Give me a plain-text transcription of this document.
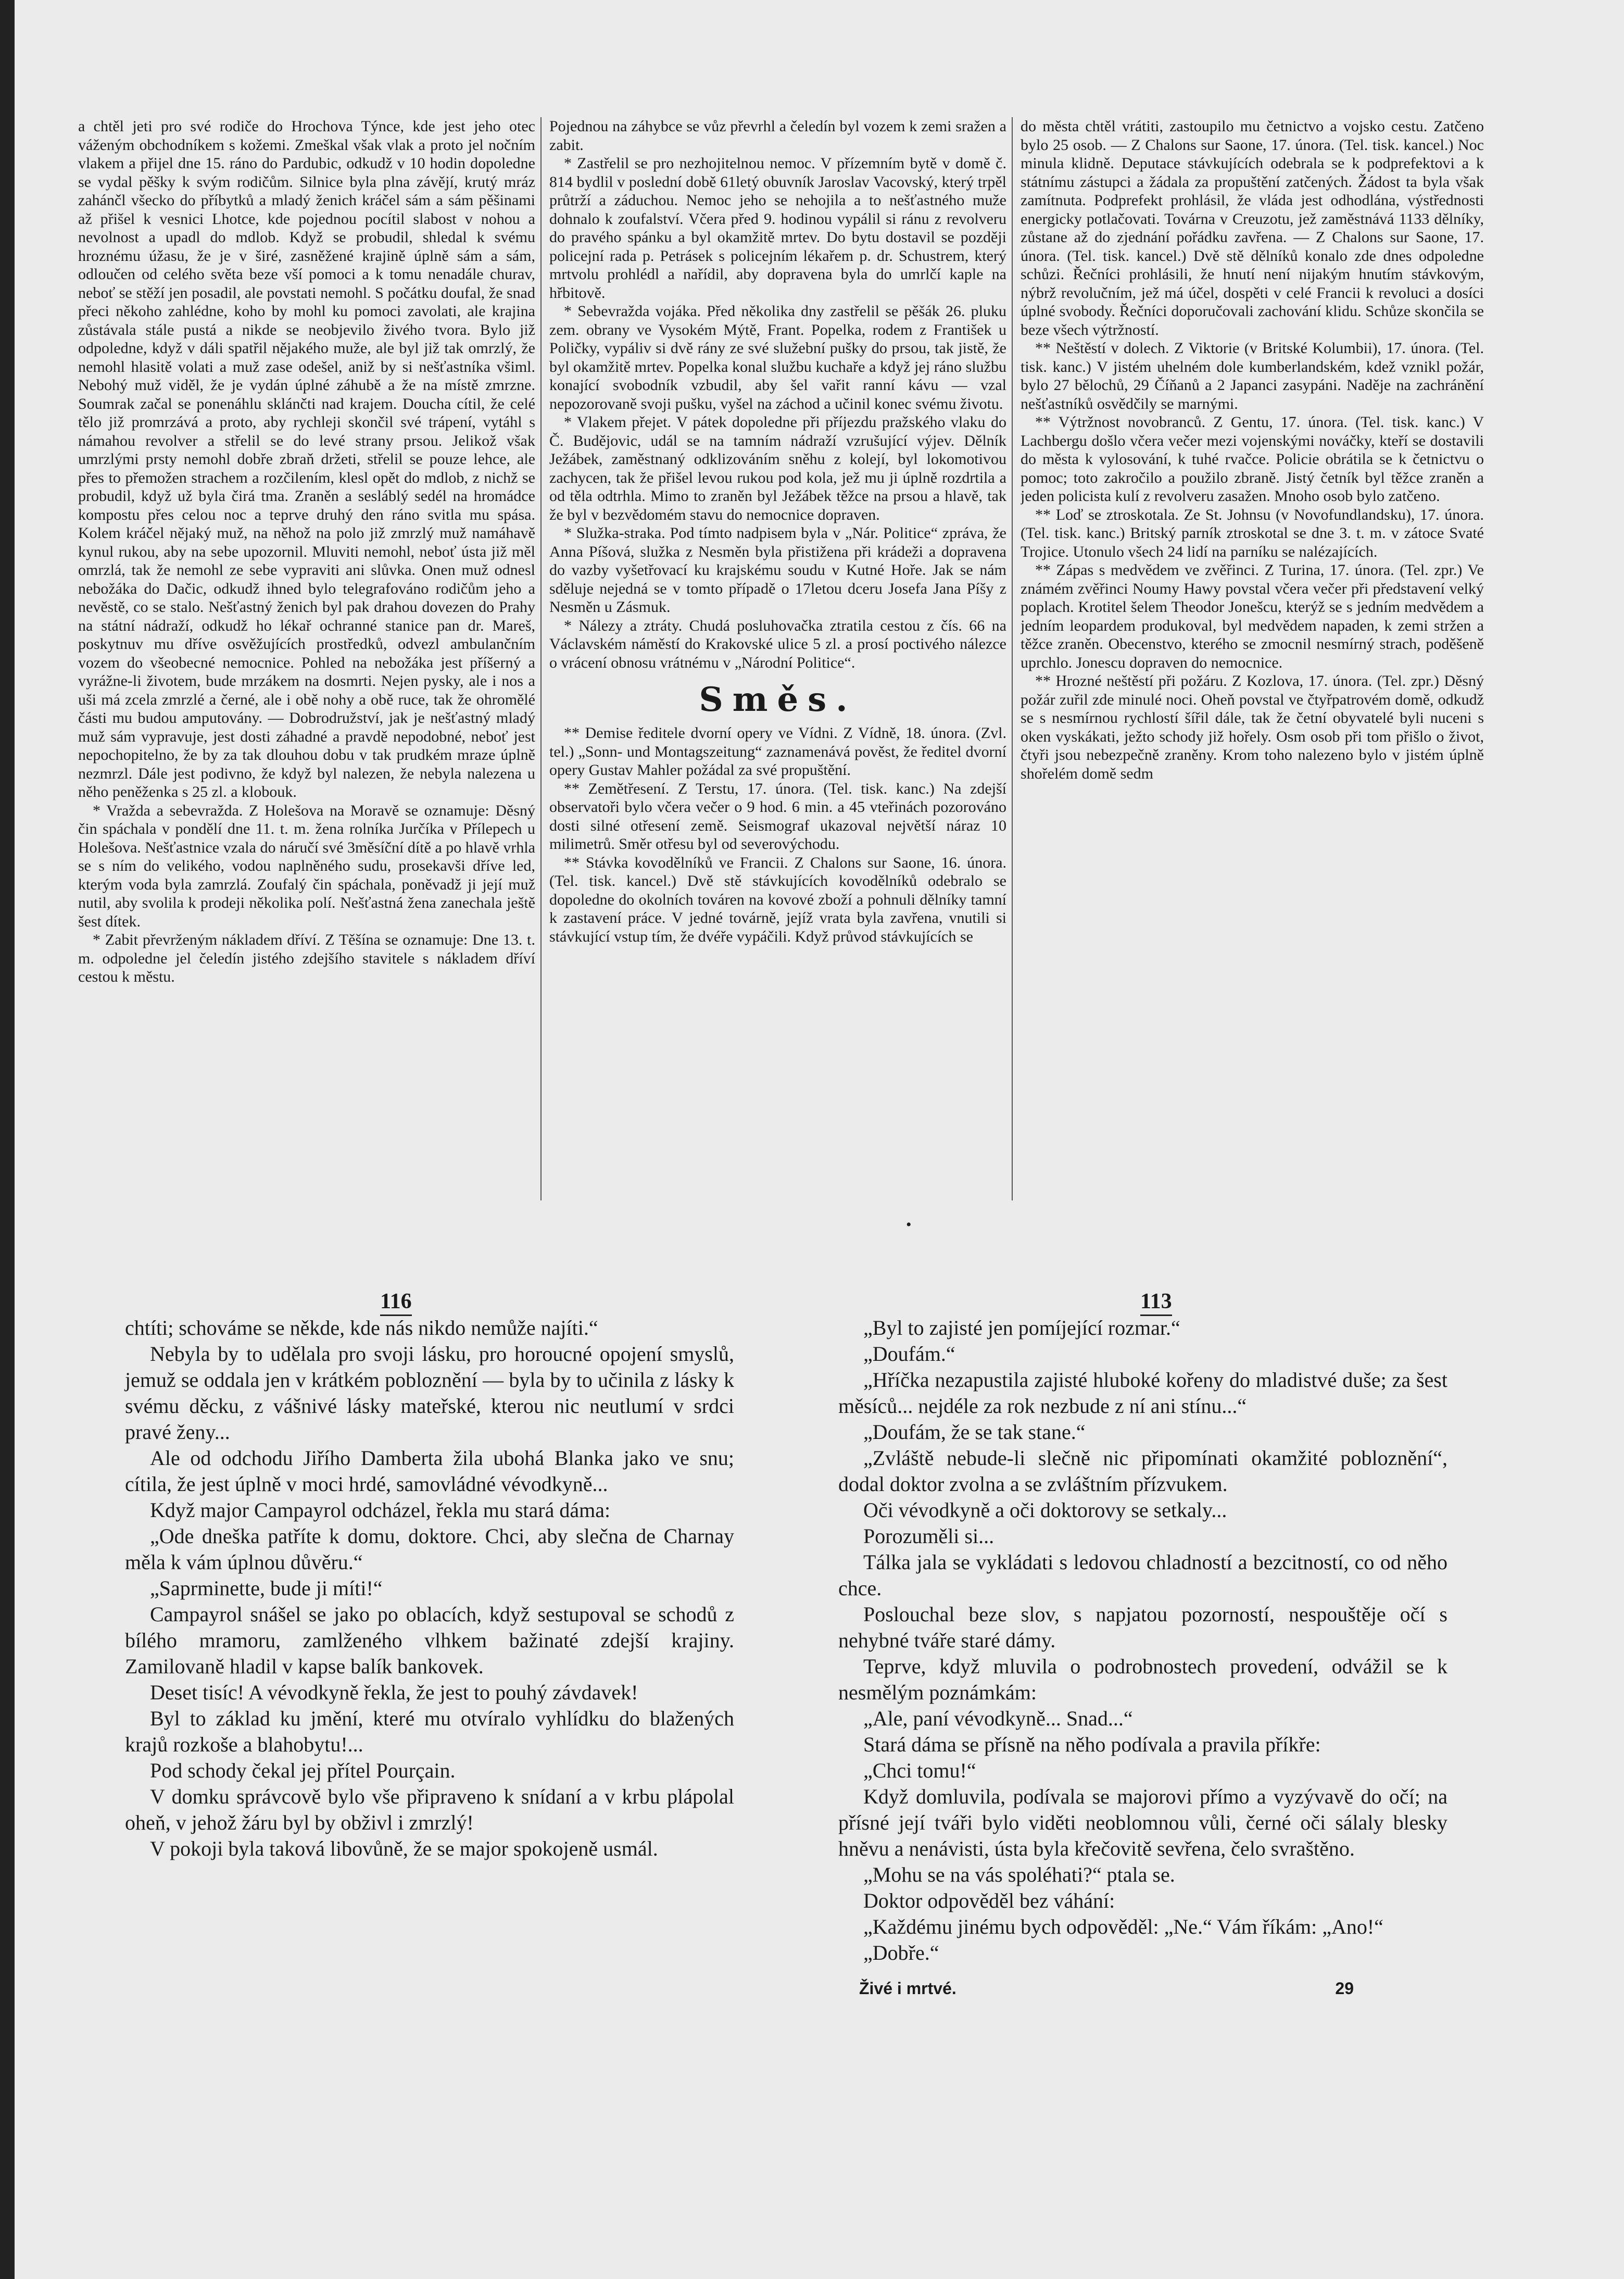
a chtěl jeti pro své rodiče do Hrochova Týnce, kde jest jeho otec váženým obchodníkem s kožemi. Zmeškal však vlak a proto jel nočním vlakem a přijel dne 15. ráno do Pardubic, odkudž v 10 hodin dopoledne se vydal pěšky k svým rodičům. Silnice byla plna závějí, krutý mráz zahánčl všecko do příbytků a mladý ženich kráčel sám a sám pěšinami až přišel k vesnici Lhotce, kde pojednou pocítil slabost v nohou a nevolnost a upadl do mdlob. Když se probudil, shledal k svému hroznému úžasu, že je v širé, zasněžené krajině úplně sám a sám, odloučen od celého světa beze vší pomoci a k tomu nenadále churav, neboť se stěží jen posadil, ale povstati nemohl. S počátku doufal, že snad přeci někoho zahlédne, koho by mohl ku pomoci zavolati, ale krajina zůstávala stále pustá a nikde se neobjevilo živého tvora. Bylo již odpoledne, když v dáli spatřil nějakého muže, ale byl již tak omrzlý, že nemohl hlasitě volati a muž zase odešel, aniž by si nešťastníka všiml. Nebohý muž viděl, že je vydán úplné záhubě a že na místě zmrzne. Soumrak začal se ponenáhlu sklánčti nad krajem. Doucha cítil, že celé tělo již promrzává a proto, aby rychleji skončil své trápení, vytáhl s námahou revolver a střelil se do levé strany prsou. Jelikož však umrzlými prsty nemohl dobře zbraň držeti, střelil se pouze lehce, ale přes to přemožen strachem a rozčilením, klesl opět do mdlob, z nichž se probudil, když už byla čirá tma. Zraněn a sesláblý sedél na hromádce kompostu přes celou noc a teprve druhý den ráno svitla mu spása. Kolem kráčel nějaký muž, na něhož na polo již zmrzlý muž namáhavě kynul rukou, aby na sebe upozornil. Mluviti nemohl, neboť ústa již měl omrzlá, tak že nemohl ze sebe vypraviti ani slůvka. Onen muž odnesl nebožáka do Dačic, odkudž ihned bylo telegrafováno rodičům jeho a nevěstě, co se stalo. Nešťastný ženich byl pak drahou dovezen do Prahy na státní nádraží, odkudž ho lékař ochranné stanice pan dr. Mareš, poskytnuv mu dříve osvěžujících prostředků, odvezl ambulančním vozem do všeobecné nemocnice. Pohled na nebožáka jest příšerný a vyrážne-li životem, bude mrzákem na dosmrti. Nejen pysky, ale i nos a uši má zcela zmrzlé a černé, ale i obě nohy a obě ruce, tak že ohromělé části mu budou amputovány. — Dobrodružství, jak je nešťastný mladý muž sám vypravuje, jest dosti záhadné a pravdě nepodobné, neboť jest nepochopitelno, že by za tak dlouhou dobu v tak prudkém mraze úplně nezmrzl. Dále jest podivno, že když byl nalezen, že nebyla nalezena u něho peněženka s 25 zl. a klobouk.

* Vražda a sebevražda. Z Holešova na Moravě se oznamuje: Děsný čin spáchala v pondělí dne 11. t. m. žena rolníka Jurčíka v Přílepech u Holešova. Nešťastnice vzala do náručí své 3měsíční dítě a po hlavě vrhla se s ním do velikého, vodou naplněného sudu, prosekavši dříve led, kterým voda byla zamrzlá. Zoufalý čin spáchala, poněvadž ji její muž nutil, aby svolila k prodeji několika polí. Nešťastná žena zanechala ještě šest dítek.

* Zabit převrženým nákladem dříví. Z Těšína se oznamuje: Dne 13. t. m. odpoledne jel čeledín jistého zdejšího stavitele s nákladem dříví cestou k městu.

Pojednou na záhybce se vůz převrhl a čeledín byl vozem k zemi sražen a zabit.

* Zastřelil se pro nezhojitelnou nemoc. V přízemním bytě v domě č. 814 bydlil v poslední době 61letý obuvník Jaroslav Vacovský, který trpěl průtrží a záduchou. Nemoc jeho se nehojila a to nešťastného muže dohnalo k zoufalství. Včera před 9. hodinou vypálil si ránu z revolveru do pravého spánku a byl okamžitě mrtev. Do bytu dostavil se později policejní rada p. Petrásek s policejním lékařem p. dr. Schustrem, který mrtvolu prohlédl a nařídil, aby dopravena byla do umrlčí kaple na hřbitově.

* Sebevražda vojáka. Před několika dny zastřelil se pěšák 26. pluku zem. obrany ve Vysokém Mýtě, Frant. Popelka, rodem z František u Poličky, vypáliv si dvě rány ze své služební pušky do prsou, tak jistě, že byl okamžitě mrtev. Popelka konal službu kuchaře a když jej ráno službu konající svobodník vzbudil, aby šel vařit ranní kávu — vzal nepozorovaně svoji pušku, vyšel na záchod a učinil konec svému životu.

* Vlakem přejet. V pátek dopoledne při příjezdu pražského vlaku do Č. Budějovic, udál se na tamním nádraží vzrušující výjev. Dělník Ježábek, zaměstnaný odklizováním sněhu z kolejí, byl lokomotivou zachycen, tak že přišel levou rukou pod kola, jež mu ji úplně rozdrtila a od těla odtrhla. Mimo to zraněn byl Ježábek těžce na prsou a hlavě, tak že byl v bezvědomém stavu do nemocnice dopraven.

* Služka-straka. Pod tímto nadpisem byla v „Nár. Politice“ zpráva, že Anna Píšová, služka z Nesměn byla přistižena při krádeži a dopravena do vazby vyšetřovací ku krajskému soudu v Kutné Hoře. Jak se nám sděluje nejedná se v tomto případě o 17letou dceru Josefa Jana Píšy z Nesměn u Zásmuk.

* Nálezy a ztráty. Chudá posluhovačka ztratila cestou z čís. 66 na Václavském náměstí do Krakovské ulice 5 zl. a prosí poctivého nálezce o vrácení obnosu vrátnému v „Národní Politice“.

Směs.

** Demise ředitele dvorní opery ve Vídni. Z Vídně, 18. února. (Zvl. tel.) „Sonn- und Montagszeitung“ zaznamenává pověst, že ředitel dvorní opery Gustav Mahler požádal za své propuštění.

** Zemětřesení. Z Terstu, 17. února. (Tel. tisk. kanc.) Na zdejší observatoři bylo včera večer o 9 hod. 6 min. a 45 vteřinách pozorováno dosti silné otřesení země. Seismograf ukazoval největší náraz 10 milimetrů. Směr otřesu byl od severovýchodu.

** Stávka kovodělníků ve Francii. Z Chalons sur Saone, 16. února. (Tel. tisk. kancel.) Dvě stě stávkujících kovodělníků odebralo se dopoledne do okolních továren na kovové zboží a pohnuli dělníky tamní k zastavení práce. V jedné továrně, jejíž vrata byla zavřena, vnutili si stávkující vstup tím, že dvéře vypáčili. Když průvod stávkujících se

do města chtěl vrátiti, zastoupilo mu četnictvo a vojsko cestu. Zatčeno bylo 25 osob. — Z Chalons sur Saone, 17. února. (Tel. tisk. kancel.) Noc minula klidně. Deputace stávkujících odebrala se k podprefektovi a k státnímu zástupci a žádala za propuštění zatčených. Žádost ta byla však zamítnuta. Podprefekt prohlásil, že vláda jest odhodlána, výstřednosti energicky potlačovati. Továrna v Creuzotu, jež zaměstnává 1133 dělníky, zůstane až do zjednání pořádku zavřena. — Z Chalons sur Saone, 17. února. (Tel. tisk. kancel.) Dvě stě dělníků konalo zde dnes odpoledne schůzi. Řečníci prohlásili, že hnutí není nijakým hnutím stávkovým, nýbrž revolučním, jež má účel, dospěti v celé Francii k revoluci a dosíci úplné svobody. Řečníci doporučovali zachování klidu. Schůze skončila se beze všech výtržností.

** Neštěstí v dolech. Z Viktorie (v Britské Kolumbii), 17. února. (Tel. tisk. kanc.) V jistém uhelném dole kumberlandském, kdež vznikl požár, bylo 27 bělochů, 29 Číňanů a 2 Japanci zasypáni. Naděje na zachránění nešťastníků osvědčily se marnými.

** Výtržnost novobranců. Z Gentu, 17. února. (Tel. tisk. kanc.) V Lachbergu došlo včera večer mezi vojenskými nováčky, kteří se dostavili do města k vylosování, k tuhé rvačce. Policie obrátila se k četnictvu o pomoc; toto zakročilo a použilo zbraně. Jistý četník byl těžce zraněn a jeden policista kulí z revolveru zasažen. Mnoho osob bylo zatčeno.

** Loď se ztroskotala. Ze St. Johnsu (v Novofundlandsku), 17. února. (Tel. tisk. kanc.) Britský parník ztroskotal se dne 3. t. m. v zátoce Svaté Trojice. Utonulo všech 24 lidí na parníku se nalézajících.

** Zápas s medvědem ve zvěřinci. Z Turina, 17. února. (Tel. zpr.) Ve známém zvěřinci Noumy Hawy povstal včera večer při představení velký poplach. Krotitel šelem Theodor Jonešcu, kterýž se s jedním medvědem a jedním leopardem produkoval, byl medvědem napaden, k zemi stržen a těžce zraněn. Obecenstvo, kterého se zmocnil nesmírný strach, poděšeně uprchlo. Jonescu dopraven do nemocnice.

** Hrozné neštěstí při požáru. Z Kozlova, 17. února. (Tel. zpr.) Děsný požár zuřil zde minulé noci. Oheň povstal ve čtyřpatrovém domě, odkudž se s nesmírnou rychlostí šířil dále, tak že četní obyvatelé byli nuceni s oken vyskákati, ježto schody již hořely. Osm osob při tom přišlo o život, čtyři jsou nebezpečně zraněny. Krom toho nalezeno bylo v jistém úplně shořelém domě sedm

•
116	113

chtíti; schováme se někde, kde nás nikdo nemůže najíti.“

Nebyla by to udělala pro svoji lásku, pro horoucné opojení smyslů, jemuž se oddala jen v krátkém pobloznění — byla by to učinila z lásky k svému děcku, z vášnivé lásky mateřské, kterou nic neutlumí v srdci pravé ženy...

Ale od odchodu Jiřího Damberta žila ubohá Blanka jako ve snu; cítila, že jest úplně v moci hrdé, samovládné vévodkyně...

Když major Campayrol odcházel, řekla mu stará dáma:

„Ode dneška patříte k domu, doktore. Chci, aby slečna de Charnay měla k vám úplnou důvěru.“

„Saprminette, bude ji míti!“

Campayrol snášel se jako po oblacích, když sestupoval se schodů z bílého mramoru, zamlženého vlhkem bažinaté zdejší krajiny. Zamilovaně hladil v kapse balík bankovek.

Deset tisíc! A vévodkyně řekla, že jest to pouhý závdavek!

Byl to základ ku jmění, které mu otvíralo vyhlídku do blažených krajů rozkoše a blahobytu!...

Pod schody čekal jej přítel Pourçain.

V domku správcově bylo vše připraveno k snídaní a v krbu plápolal oheň, v jehož žáru byl by obživl i zmrzlý!

V pokoji byla taková libovůně, že se major spokojeně usmál.

„Byl to zajisté jen pomíjející rozmar.“

„Doufám.“

„Hříčka nezapustila zajisté hluboké kořeny do mladistvé duše; za šest měsíců... nejdéle za rok nezbude z ní ani stínu...“

„Doufám, že se tak stane.“

„Zvláště nebude-li slečně nic připomínati okamžité pobloznění“, dodal doktor zvolna a se zvláštním přízvukem.

Oči vévodkyně a oči doktorovy se setkaly...

Porozuměli si...

Tálka jala se vykládati s ledovou chladností a bezcitností, co od něho chce.

Poslouchal beze slov, s napjatou pozorností, nespouštěje očí s nehybné tváře staré dámy.

Teprve, když mluvila o podrobnostech provedení, odvážil se k nesmělým poznámkám:

„Ale, paní vévodkyně... Snad...“

Stará dáma se přísně na něho podívala a pravila příkře:

„Chci tomu!“

Když domluvila, podívala se majorovi přímo a vyzývavě do očí; na přísné její tváři bylo viděti neoblomnou vůli, černé oči sálaly blesky hněvu a nenávisti, ústa byla křečovitě sevřena, čelo svraštěno.

„Mohu se na vás spoléhati?“ ptala se.

Doktor odpověděl bez váhání:

„Každému jinému bych odpověděl: „Ne.“ Vám říkám: „Ano!“

„Dobře.“

Živé i mrtvé.	29
